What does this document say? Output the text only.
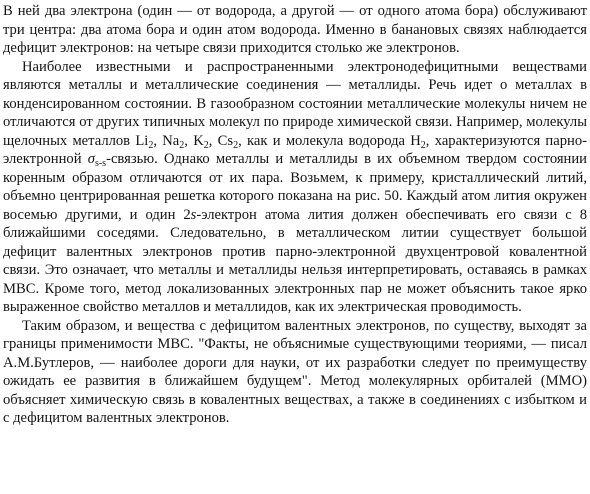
В ней два электрона (один — от водорода, а другой — от одного атома бора) обслуживают три центра: два атома бора и один атом водорода. Именно в банановых связях наблюдается дефицит электронов: на четыре связи приходится столько же электронов.

Наиболее известными и распространенными электронодефицитными веществами являются металлы и металлические соединения — металлиды. Речь идет о металлах в конденсированном состоянии. В газообразном состоянии металлические молекулы ничем не отличаются от других типичных молекул по природе химической связи. Например, молекулы щелочных металлов $Li_2$, $Na_2$, $K_2$, $Cs_2$, как и молекула водорода $H_2$, характеризуются парно-электронной $\sigma_{s-s}$-связью. Однако металлы и металлиды в их объемном твердом состоянии коренным образом отличаются от их пара. Возьмем, к примеру, кристаллический литий, объемно центрированная решетка которого показана на рис. 50. Каждый атом лития окружен восемью другими, и один 2s-электрон атома лития должен обеспечивать его связи с 8 ближайшими соседями. Следовательно, в металлическом литии существует большой дефицит валентных электронов против парно-электронной двухцентровой ковалентной связи. Это означает, что металлы и металлиды нельзя интерпретировать, оставаясь в рамках МВС. Кроме того, метод локализованных электронных пар не может объяснить такое ярко выраженное свойство металлов и металлидов, как их электрическая проводимость.

Таким образом, и вещества с дефицитом валентных электронов, по существу, выходят за границы применимости МВС. "Факты, не объяснимые существующими теориями, — писал А.М.Бутлеров, — наиболее дороги для науки, от их разработки следует по преимуществу ожидать ее развития в ближайшем будущем". Метод молекулярных орбиталей (ММО) объясняет химическую связь в ковалентных веществах, а также в соединениях с избытком и с дефицитом валентных электронов.
